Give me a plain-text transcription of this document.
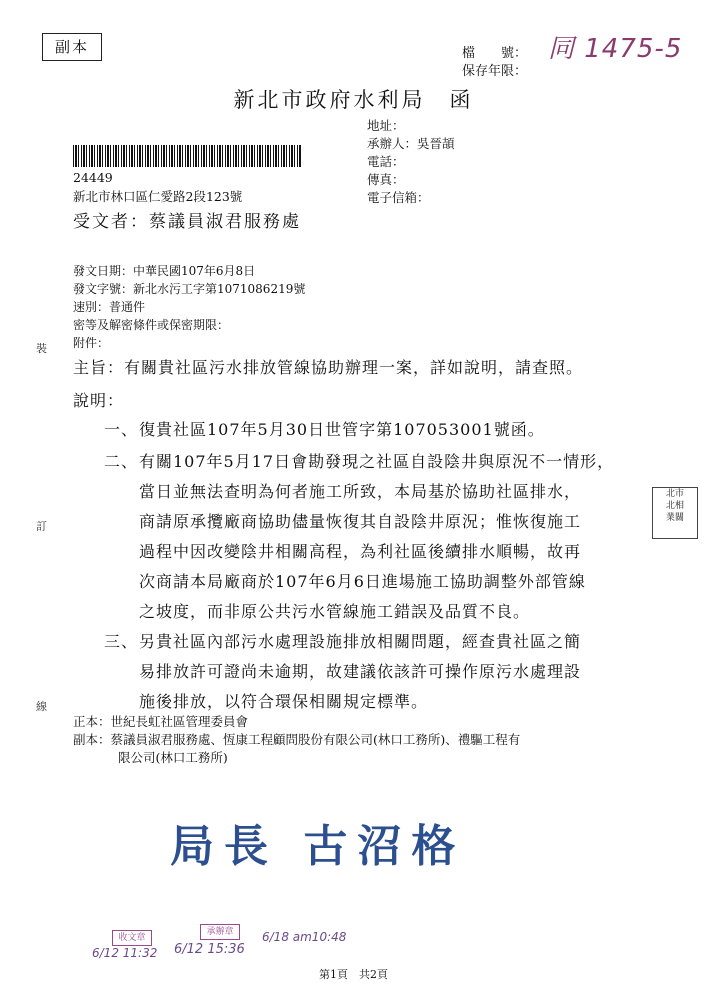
副本	檔　　號：
保存年限：
同 1475-5
新北市政府水利局　函
地址：
承辦人：吳晉頡
電話：
傳真：
電子信箱：
24449
新北市林口區仁愛路2段123號
受文者：蔡議員淑君服務處
發文日期：中華民國107年6月8日
發文字號：新北水污工字第1071086219號
速別：普通件
密等及解密條件或保密期限：
附件：
裝
訂
線
主旨：有關貴社區污水排放管線協助辦理一案，詳如說明，請查照。
說明：
一、 復貴社區107年5月30日世管字第107053001號函。
二、 有關107年5月17日會勘發現之社區自設陰井與原況不一情形，
當日並無法查明為何者施工所致，本局基於協助社區排水，
商請原承攬廠商協助儘量恢復其自設陰井原況；惟恢復施工
過程中因改變陰井相關高程，為利社區後續排水順暢，故再
次商請本局廠商於107年6月6日進場施工協助調整外部管線
之坡度，而非原公共污水管線施工錯誤及品質不良。
三、 另貴社區內部污水處理設施排放相關問題，經查貴社區之簡
易排放許可證尚未逾期，故建議依該許可操作原污水處理設
施後排放，以符合環保相關規定標準。
北市
北相
業關
正本：世紀長虹社區管理委員會
副本：蔡議員淑君服務處、恆康工程顧問股份有限公司(林口工務所)、禮驅工程有
限公司(林口工務所)
局長 古沼格
收文章
6/12 11:32
承辦章
6/12 15:36
6/18 am10:48
第1頁　共2頁
